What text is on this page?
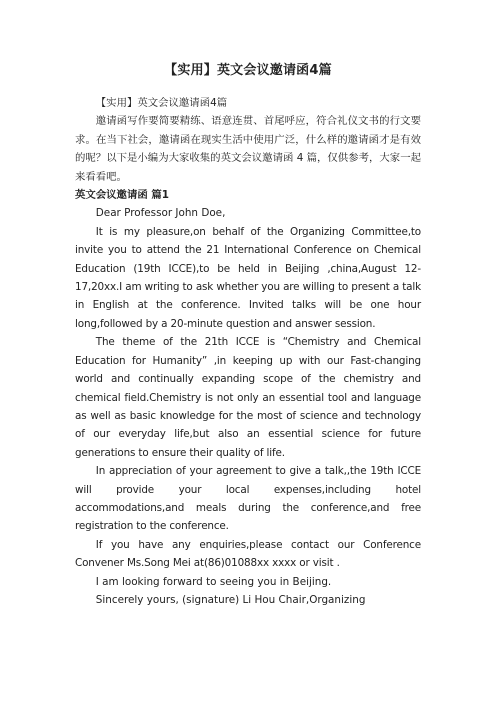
【实用】英文会议邀请函4篇

【实用】英文会议邀请函4篇

邀请函写作要简要精练、语意连贯、首尾呼应，符合礼仪文书的行文要求。在当下社会，邀请函在现实生活中使用广泛，什么样的邀请函才是有效的呢？以下是小编为大家收集的英文会议邀请函 4 篇，仅供参考，大家一起来看看吧。

英文会议邀请函 篇1

Dear Professor John Doe,

It is my pleasure,on behalf of the Organizing Committee,to invite you to attend the 21 International Conference on Chemical Education (19th ICCE),to be held in Beijing ,china,August 12-17,20xx.I am writing to ask whether you are willing to present a talk in English at the conference. Invited talks will be one hour long,followed by a 20-minute question and answer session.

The theme of the 21th ICCE is “Chemistry and Chemical Education for Humanity” ,in keeping up with our Fast-changing world and continually expanding scope of the chemistry and chemical field.Chemistry is not only an essential tool and language as well as basic knowledge for the most of science and technology of our everyday life,but also an essential science for future generations to ensure their quality of life.

In appreciation of your agreement to give a talk,,the 19th ICCE will provide your local expenses,including hotel accommodations,and meals during the conference,and free registration to the conference.

If you have any enquiries,please contact our Conference Convener Ms.Song Mei at(86)01088xx xxxx or visit .

I am looking forward to seeing you in Beijing.

Sincerely yours, (signature) Li Hou Chair,Organizing
